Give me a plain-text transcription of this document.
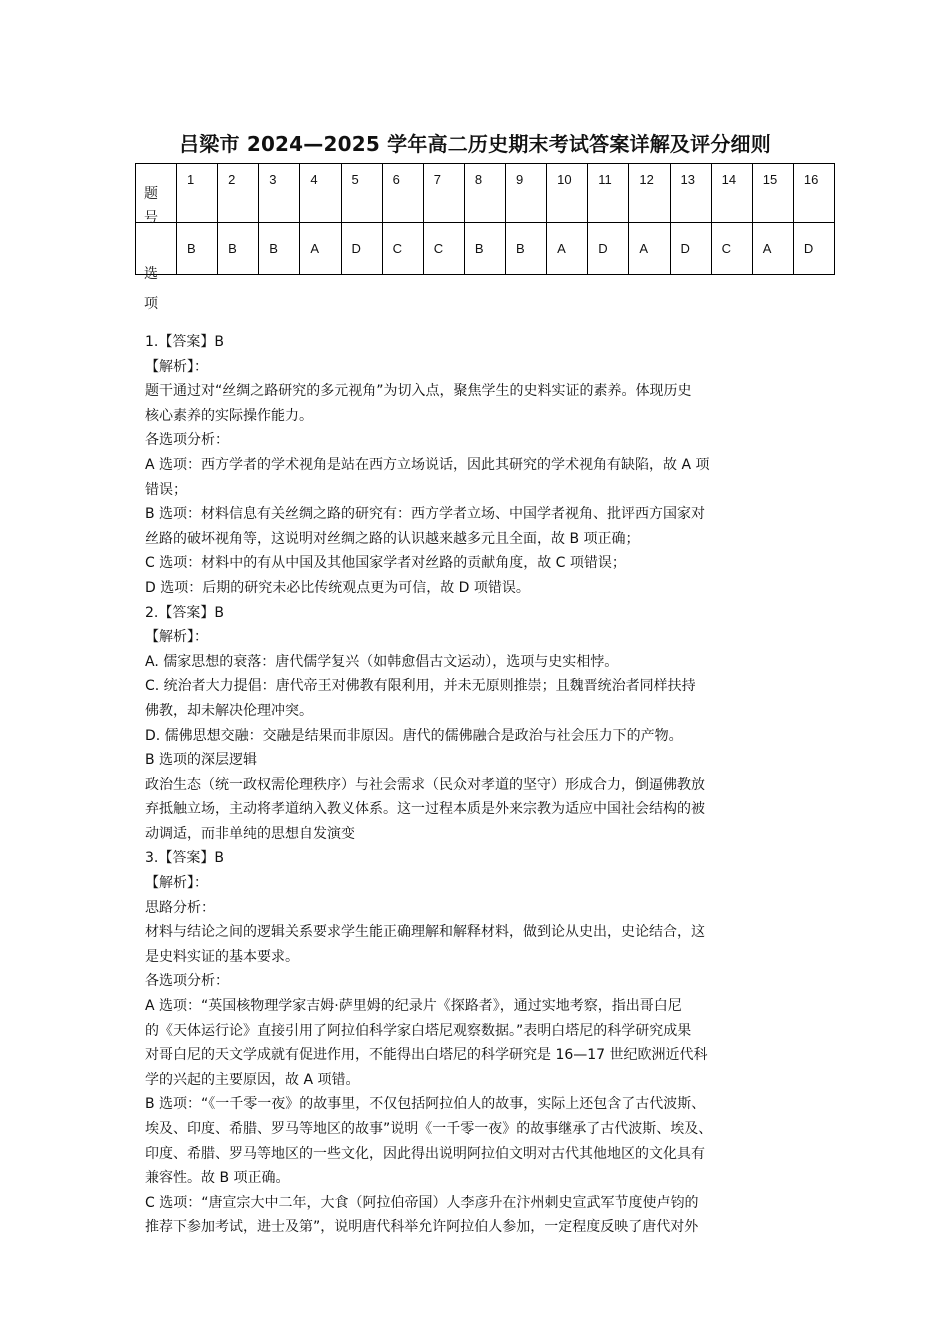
吕梁市 2024—2025 学年高二历史期末考试答案详解及评分细则
题
号	1	2	3	4	5	6	7	8	9	10	11	12	13	14	15	16

选
项	B	B	B	A	D	C	C	B	B	A	D	A	D	C	A	D

1.【答案】B

【解析】：

题干通过对“丝绸之路研究的多元视角”为切入点，聚焦学生的史料实证的素养。体现历史

核心素养的实际操作能力。

各选项分析：

A 选项：西方学者的学术视角是站在西方立场说话，因此其研究的学术视角有缺陷，故 A 项

错误；

B 选项：材料信息有关丝绸之路的研究有：西方学者立场、中国学者视角、批评西方国家对

丝路的破坏视角等，这说明对丝绸之路的认识越来越多元且全面，故 B 项正确；

C 选项：材料中的有从中国及其他国家学者对丝路的贡献角度，故 C 项错误；

D 选项：后期的研究未必比传统观点更为可信，故 D 项错误。

2.【答案】B

【解析】：

A. 儒家思想的衰落：唐代儒学复兴（如韩愈倡古文运动），选项与史实相悖。

C. 统治者大力提倡：唐代帝王对佛教有限利用，并未无原则推崇；且魏晋统治者同样扶持

佛教，却未解决伦理冲突。

D. 儒佛思想交融：交融是结果而非原因。唐代的儒佛融合是政治与社会压力下的产物。

B 选项的深层逻辑

政治生态（统一政权需伦理秩序）与社会需求（民众对孝道的坚守）形成合力，倒逼佛教放

弃抵触立场，主动将孝道纳入教义体系。这一过程本质是外来宗教为适应中国社会结构的被

动调适，而非单纯的思想自发演变

3.【答案】B

【解析】：

思路分析：

材料与结论之间的逻辑关系要求学生能正确理解和解释材料，做到论从史出，史论结合，这

是史料实证的基本要求。

各选项分析：

A 选项：“英国核物理学家吉姆·萨里姆的纪录片《探路者》，通过实地考察，指出哥白尼

的《天体运行论》直接引用了阿拉伯科学家白塔尼观察数据。”表明白塔尼的科学研究成果

对哥白尼的天文学成就有促进作用，不能得出白塔尼的科学研究是 16—17 世纪欧洲近代科

学的兴起的主要原因，故 A 项错。

B 选项：“《一千零一夜》的故事里，不仅包括阿拉伯人的故事，实际上还包含了古代波斯、

埃及、印度、希腊、罗马等地区的故事”说明《一千零一夜》的故事继承了古代波斯、埃及、

印度、希腊、罗马等地区的一些文化，因此得出说明阿拉伯文明对古代其他地区的文化具有

兼容性。故 B 项正确。

C 选项：“唐宣宗大中二年，大食（阿拉伯帝国）人李彦升在汴州刺史宣武军节度使卢钧的

推荐下参加考试，进士及第”，说明唐代科举允许阿拉伯人参加，一定程度反映了唐代对外
